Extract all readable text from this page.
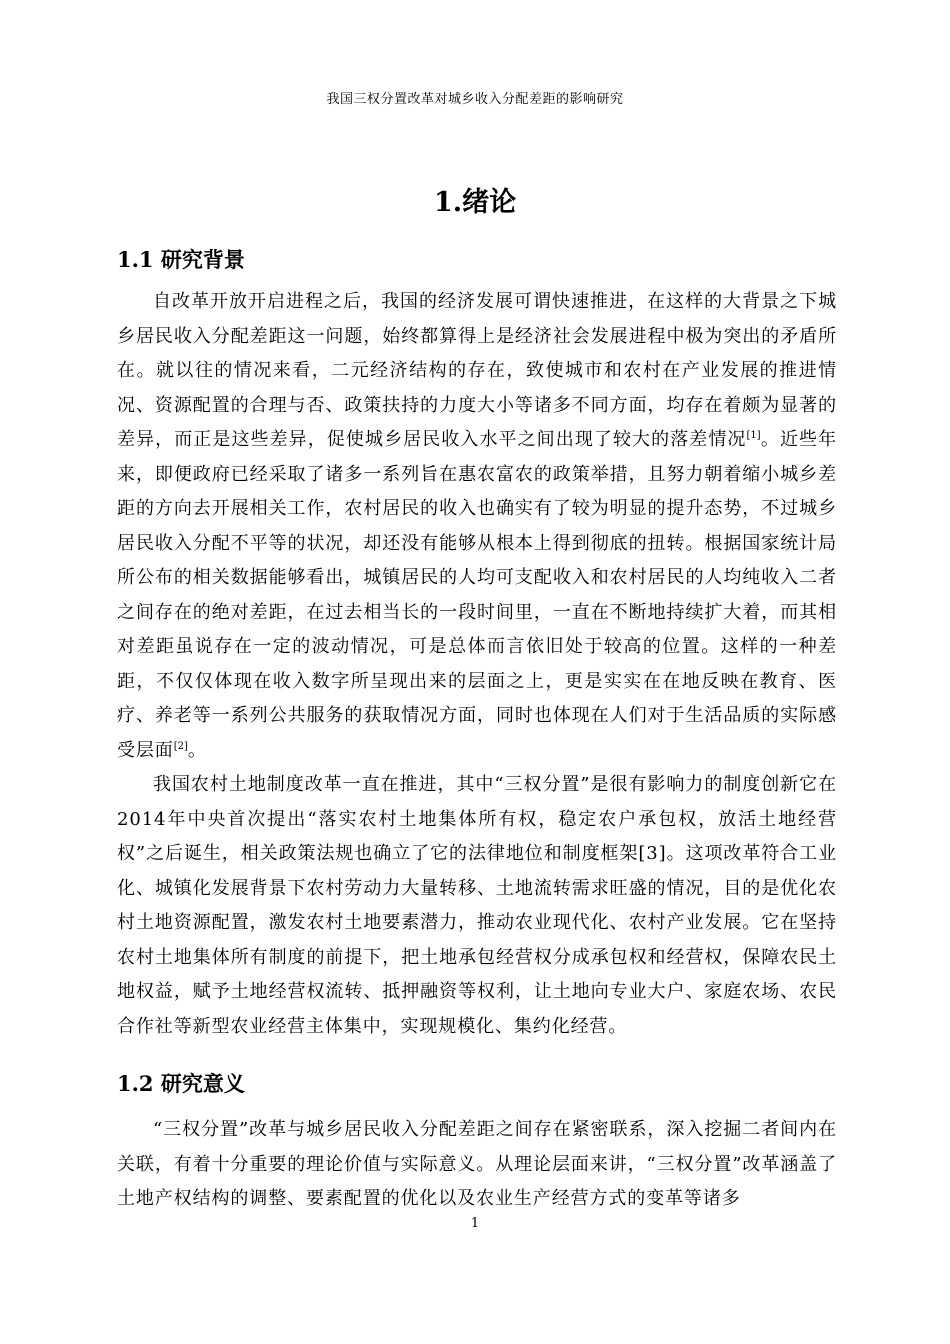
我国三权分置改革对城乡收入分配差距的影响研究
1.绪论
1.1 研究背景

自改革开放开启进程之后，我国的经济发展可谓快速推进，在这样的大背景之下城乡居民收入分配差距这一问题，始终都算得上是经济社会发展进程中极为突出的矛盾所在。就以往的情况来看，二元经济结构的存在，致使城市和农村在产业发展的推进情况、资源配置的合理与否、政策扶持的力度大小等诸多不同方面，均存在着颇为显著的差异，而正是这些差异，促使城乡居民收入水平之间出现了较大的落差情况[1]。近些年来，即便政府已经采取了诸多一系列旨在惠农富农的政策举措，且努力朝着缩小城乡差距的方向去开展相关工作，农村居民的收入也确实有了较为明显的提升态势，不过城乡居民收入分配不平等的状况，却还没有能够从根本上得到彻底的扭转。根据国家统计局所公布的相关数据能够看出，城镇居民的人均可支配收入和农村居民的人均纯收入二者之间存在的绝对差距，在过去相当长的一段时间里，一直在不断地持续扩大着，而其相对差距虽说存在一定的波动情况，可是总体而言依旧处于较高的位置。这样的一种差距，不仅仅体现在收入数字所呈现出来的层面之上，更是实实在在地反映在教育、医疗、养老等一系列公共服务的获取情况方面，同时也体现在人们对于生活品质的实际感受层面[2]。

我国农村土地制度改革一直在推进，其中“三权分置”是很有影响力的制度创新它在2014年中央首次提出“落实农村土地集体所有权，稳定农户承包权，放活土地经营权”之后诞生，相关政策法规也确立了它的法律地位和制度框架[3]。这项改革符合工业化、城镇化发展背景下农村劳动力大量转移、土地流转需求旺盛的情况，目的是优化农村土地资源配置，激发农村土地要素潜力，推动农业现代化、农村产业发展。它在坚持农村土地集体所有制度的前提下，把土地承包经营权分成承包权和经营权，保障农民土地权益，赋予土地经营权流转、抵押融资等权利，让土地向专业大户、家庭农场、农民合作社等新型农业经营主体集中，实现规模化、集约化经营。

1.2 研究意义

“三权分置”改革与城乡居民收入分配差距之间存在紧密联系，深入挖掘二者间内在关联，有着十分重要的理论价值与实际意义。从理论层面来讲，“三权分置”改革涵盖了土地产权结构的调整、要素配置的优化以及农业生产经营方式的变革等诸多

1
